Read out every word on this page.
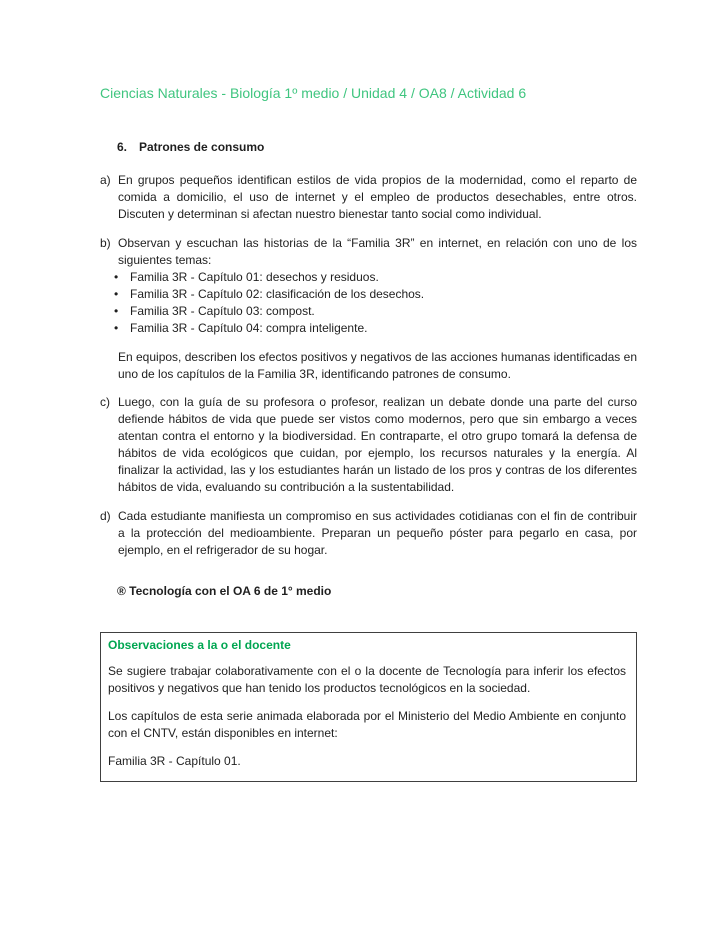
Ciencias Naturales - Biología 1º medio / Unidad 4 / OA8 / Actividad 6
6. Patrones de consumo
a) En grupos pequeños identifican estilos de vida propios de la modernidad, como el reparto de comida a domicilio, el uso de internet y el empleo de productos desechables, entre otros. Discuten y determinan si afectan nuestro bienestar tanto social como individual.
b) Observan y escuchan las historias de la “Familia 3R” en internet, en relación con uno de los siguientes temas:
• Familia 3R - Capítulo 01: desechos y residuos.
• Familia 3R - Capítulo 02: clasificación de los desechos.
• Familia 3R - Capítulo 03: compost.
• Familia 3R - Capítulo 04: compra inteligente.
En equipos, describen los efectos positivos y negativos de las acciones humanas identificadas en uno de los capítulos de la Familia 3R, identificando patrones de consumo.
c) Luego, con la guía de su profesora o profesor, realizan un debate donde una parte del curso defiende hábitos de vida que puede ser vistos como modernos, pero que sin embargo a veces atentan contra el entorno y la biodiversidad. En contraparte, el otro grupo tomará la defensa de hábitos de vida ecológicos que cuidan, por ejemplo, los recursos naturales y la energía. Al finalizar la actividad, las y los estudiantes harán un listado de los pros y contras de los diferentes hábitos de vida, evaluando su contribución a la sustentabilidad.
d) Cada estudiante manifiesta un compromiso en sus actividades cotidianas con el fin de contribuir a la protección del medioambiente. Preparan un pequeño póster para pegarlo en casa, por ejemplo, en el refrigerador de su hogar.
® Tecnología con el OA 6 de 1° medio
Observaciones a la o el docente

Se sugiere trabajar colaborativamente con el o la docente de Tecnología para inferir los efectos positivos y negativos que han tenido los productos tecnológicos en la sociedad.

Los capítulos de esta serie animada elaborada por el Ministerio del Medio Ambiente en conjunto con el CNTV, están disponibles en internet:

Familia 3R - Capítulo 01.
